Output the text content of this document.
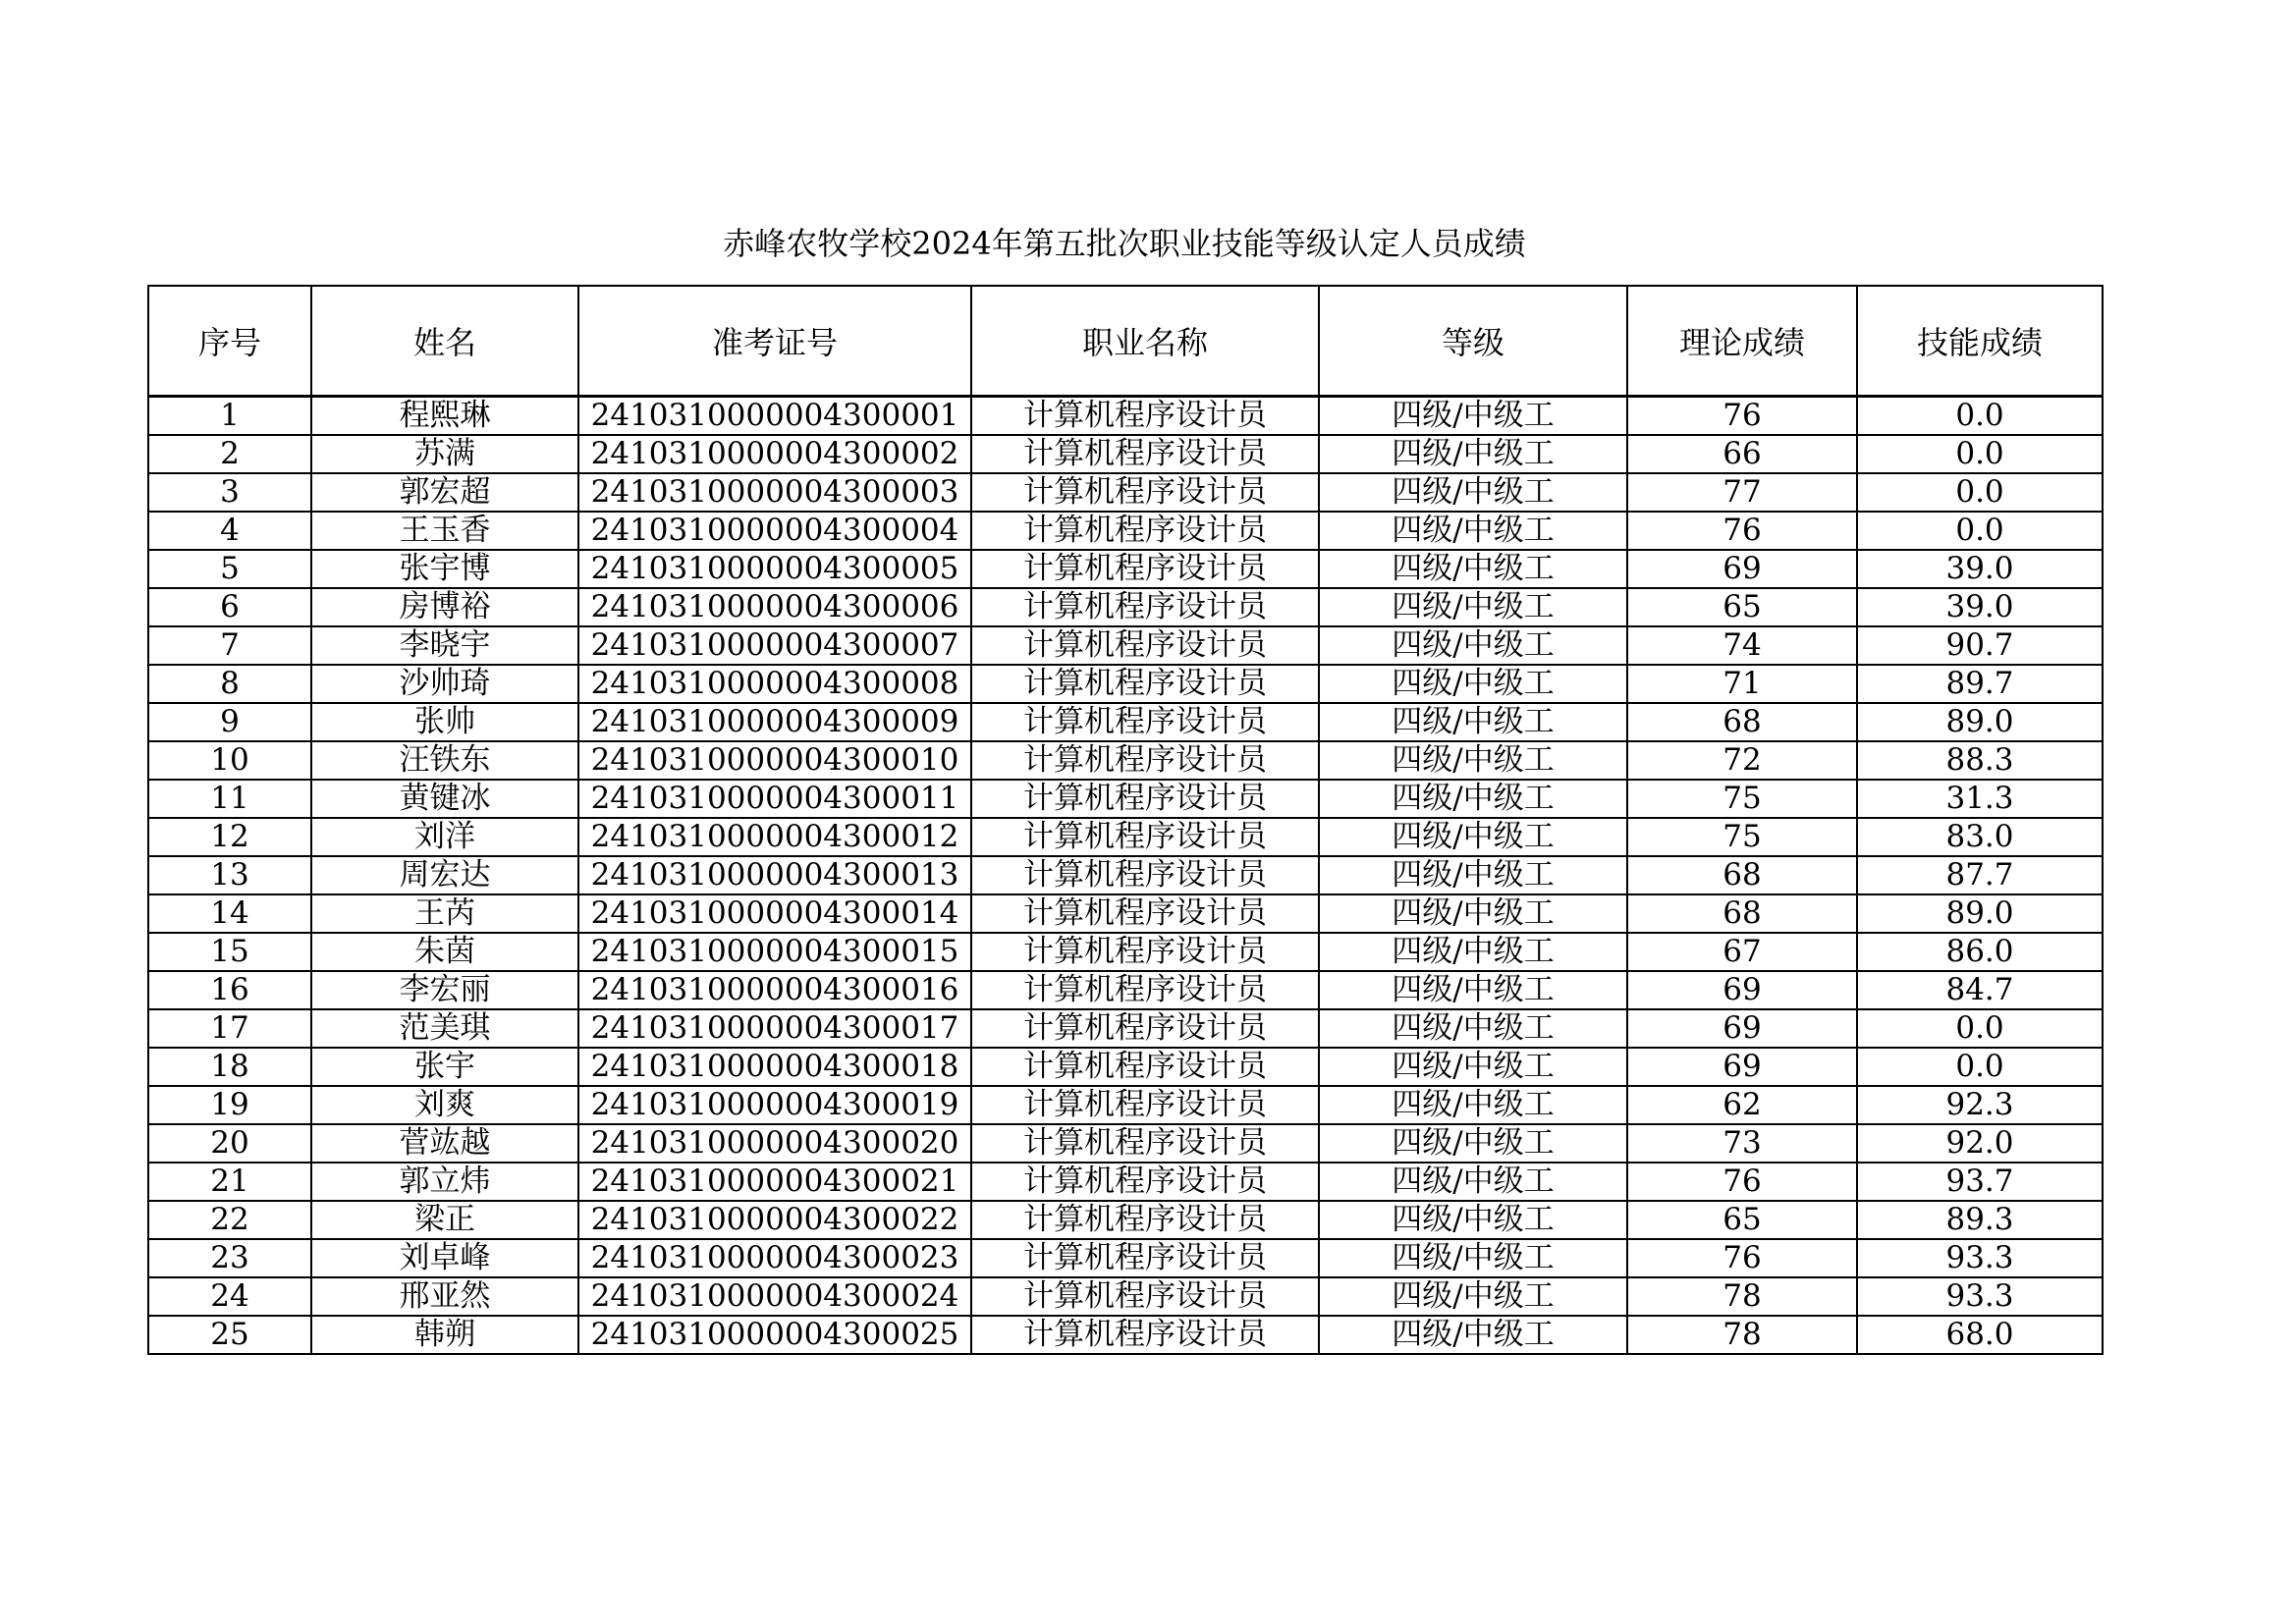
赤峰农牧学校2024年第五批次职业技能等级认定人员成绩
序号	姓名	准考证号	职业名称	等级	理论成绩	技能成绩
1	程熙琳	2410310000004300001	计算机程序设计员	四级/中级工	76	0.0
2	苏满	2410310000004300002	计算机程序设计员	四级/中级工	66	0.0
3	郭宏超	2410310000004300003	计算机程序设计员	四级/中级工	77	0.0
4	王玉香	2410310000004300004	计算机程序设计员	四级/中级工	76	0.0
5	张宇博	2410310000004300005	计算机程序设计员	四级/中级工	69	39.0
6	房博裕	2410310000004300006	计算机程序设计员	四级/中级工	65	39.0
7	李晓宇	2410310000004300007	计算机程序设计员	四级/中级工	74	90.7
8	沙帅琦	2410310000004300008	计算机程序设计员	四级/中级工	71	89.7
9	张帅	2410310000004300009	计算机程序设计员	四级/中级工	68	89.0
10	汪铁东	2410310000004300010	计算机程序设计员	四级/中级工	72	88.3
11	黄键冰	2410310000004300011	计算机程序设计员	四级/中级工	75	31.3
12	刘洋	2410310000004300012	计算机程序设计员	四级/中级工	75	83.0
13	周宏达	2410310000004300013	计算机程序设计员	四级/中级工	68	87.7
14	王芮	2410310000004300014	计算机程序设计员	四级/中级工	68	89.0
15	朱茵	2410310000004300015	计算机程序设计员	四级/中级工	67	86.0
16	李宏丽	2410310000004300016	计算机程序设计员	四级/中级工	69	84.7
17	范美琪	2410310000004300017	计算机程序设计员	四级/中级工	69	0.0
18	张宇	2410310000004300018	计算机程序设计员	四级/中级工	69	0.0
19	刘爽	2410310000004300019	计算机程序设计员	四级/中级工	62	92.3
20	菅竑越	2410310000004300020	计算机程序设计员	四级/中级工	73	92.0
21	郭立炜	2410310000004300021	计算机程序设计员	四级/中级工	76	93.7
22	梁正	2410310000004300022	计算机程序设计员	四级/中级工	65	89.3
23	刘卓峰	2410310000004300023	计算机程序设计员	四级/中级工	76	93.3
24	邢亚然	2410310000004300024	计算机程序设计员	四级/中级工	78	93.3
25	韩朔	2410310000004300025	计算机程序设计员	四级/中级工	78	68.0
